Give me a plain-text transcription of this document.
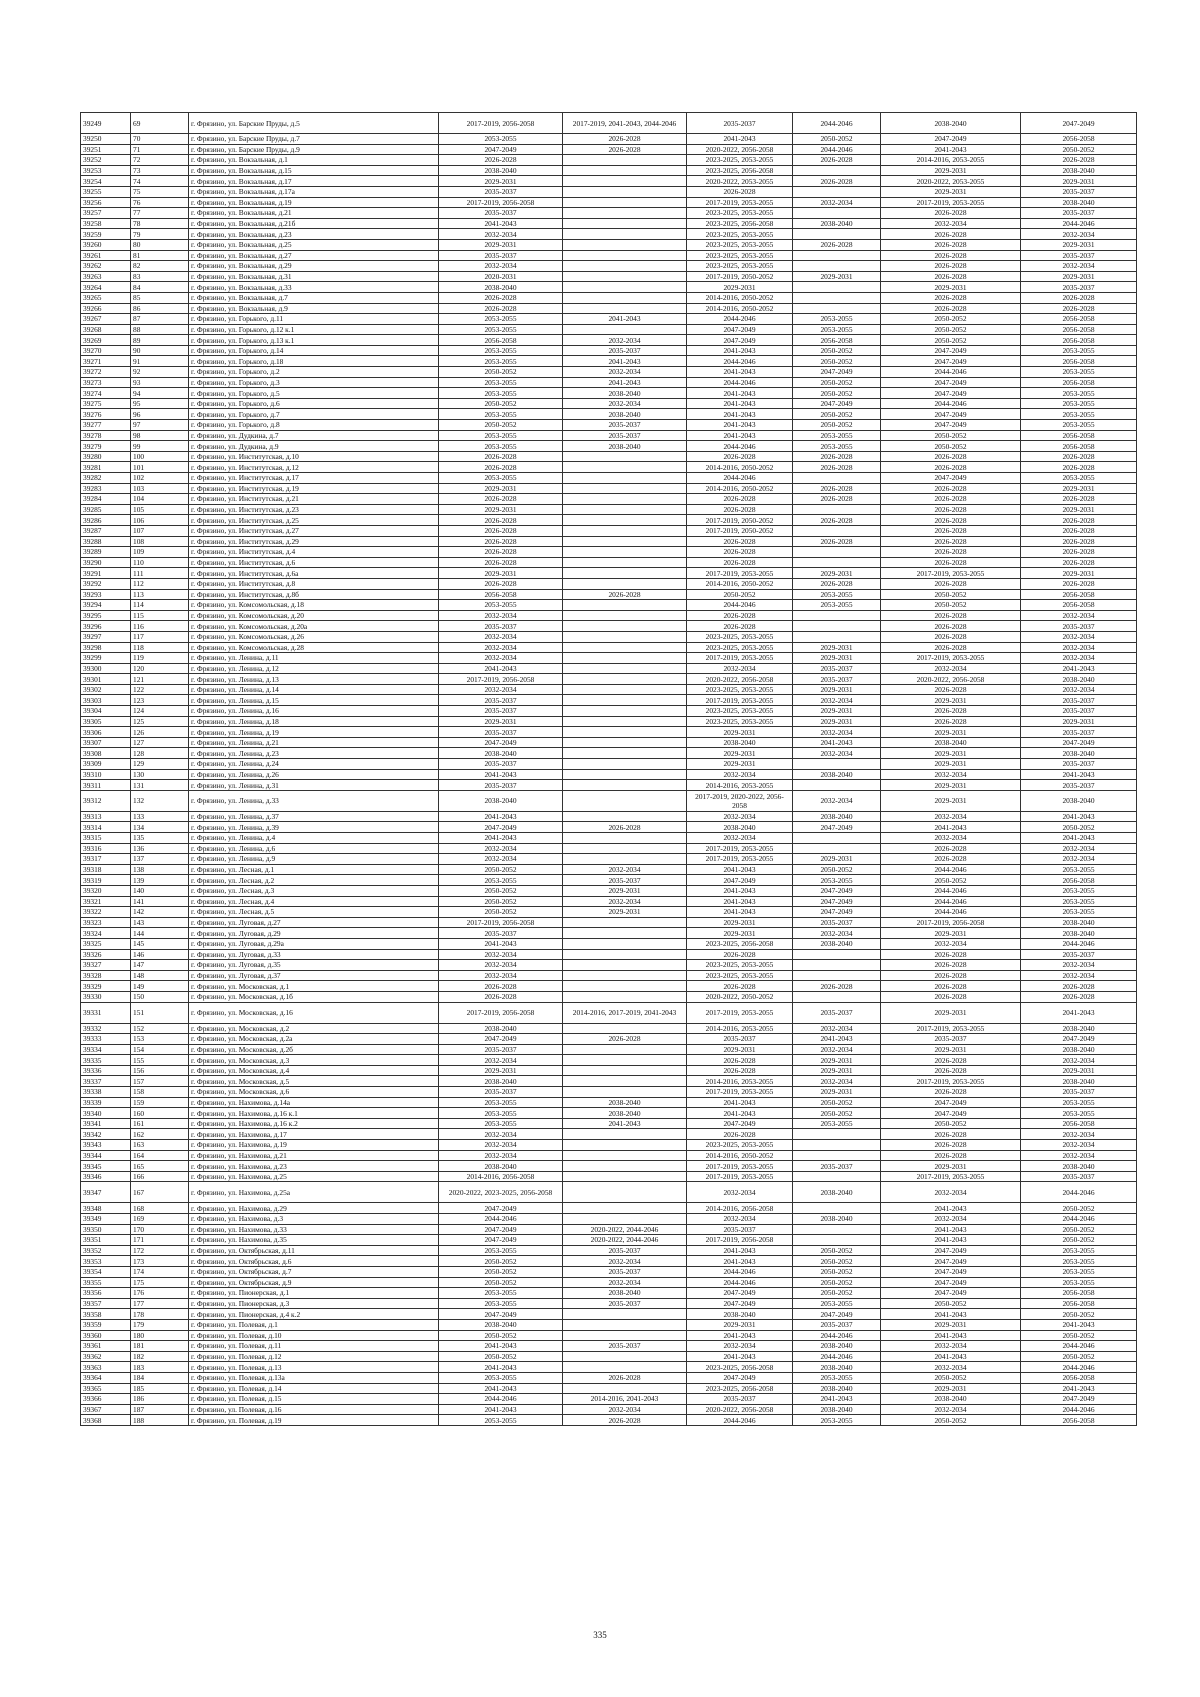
39249	69	г. Фрязино, ул. Барские Пруды, д.5	2017-2019, 2056-2058	2017-2019, 2041-2043, 2044-2046	2035-2037	2044-2046	2038-2040	2047-2049
39250	70	г. Фрязино, ул. Барские Пруды, д.7	2053-2055	2026-2028	2041-2043	2050-2052	2047-2049	2056-2058
39251	71	г. Фрязино, ул. Барские Пруды, д.9	2047-2049	2026-2028	2020-2022, 2056-2058	2044-2046	2041-2043	2050-2052
39252	72	г. Фрязино, ул. Вокзальная, д.1	2026-2028		2023-2025, 2053-2055	2026-2028	2014-2016, 2053-2055	2026-2028
39253	73	г. Фрязино, ул. Вокзальная, д.15	2038-2040		2023-2025, 2056-2058		2029-2031	2038-2040
39254	74	г. Фрязино, ул. Вокзальная, д.17	2029-2031		2020-2022, 2053-2055	2026-2028	2020-2022, 2053-2055	2029-2031
39255	75	г. Фрязино, ул. Вокзальная, д.17а	2035-2037		2026-2028		2029-2031	2035-2037
39256	76	г. Фрязино, ул. Вокзальная, д.19	2017-2019, 2056-2058		2017-2019, 2053-2055	2032-2034	2017-2019, 2053-2055	2038-2040
39257	77	г. Фрязино, ул. Вокзальная, д.21	2035-2037		2023-2025, 2053-2055		2026-2028	2035-2037
39258	78	г. Фрязино, ул. Вокзальная, д.21б	2041-2043		2023-2025, 2056-2058	2038-2040	2032-2034	2044-2046
39259	79	г. Фрязино, ул. Вокзальная, д.23	2032-2034		2023-2025, 2053-2055		2026-2028	2032-2034
39260	80	г. Фрязино, ул. Вокзальная, д.25	2029-2031		2023-2025, 2053-2055	2026-2028	2026-2028	2029-2031
39261	81	г. Фрязино, ул. Вокзальная, д.27	2035-2037		2023-2025, 2053-2055		2026-2028	2035-2037
39262	82	г. Фрязино, ул. Вокзальная, д.29	2032-2034		2023-2025, 2053-2055		2026-2028	2032-2034
39263	83	г. Фрязино, ул. Вокзальная, д.31	2020-2031		2017-2019, 2050-2052	2029-2031	2026-2028	2029-2031
39264	84	г. Фрязино, ул. Вокзальная, д.33	2038-2040		2029-2031		2029-2031	2035-2037
39265	85	г. Фрязино, ул. Вокзальная, д.7	2026-2028		2014-2016, 2050-2052		2026-2028	2026-2028
39266	86	г. Фрязино, ул. Вокзальная, д.9	2026-2028		2014-2016, 2050-2052		2026-2028	2026-2028
39267	87	г. Фрязино, ул. Горького, д.11	2053-2055	2041-2043	2044-2046	2053-2055	2050-2052	2056-2058
39268	88	г. Фрязино, ул. Горького, д.12 к.1	2053-2055		2047-2049	2053-2055	2050-2052	2056-2058
39269	89	г. Фрязино, ул. Горького, д.13 к.1	2056-2058	2032-2034	2047-2049	2056-2058	2050-2052	2056-2058
39270	90	г. Фрязино, ул. Горького, д.14	2053-2055	2035-2037	2041-2043	2050-2052	2047-2049	2053-2055
39271	91	г. Фрязино, ул. Горького, д.18	2053-2055	2041-2043	2044-2046	2050-2052	2047-2049	2056-2058
39272	92	г. Фрязино, ул. Горького, д.2	2050-2052	2032-2034	2041-2043	2047-2049	2044-2046	2053-2055
39273	93	г. Фрязино, ул. Горького, д.3	2053-2055	2041-2043	2044-2046	2050-2052	2047-2049	2056-2058
39274	94	г. Фрязино, ул. Горького, д.5	2053-2055	2038-2040	2041-2043	2050-2052	2047-2049	2053-2055
39275	95	г. Фрязино, ул. Горького, д.6	2050-2052	2032-2034	2041-2043	2047-2049	2044-2046	2053-2055
39276	96	г. Фрязино, ул. Горького, д.7	2053-2055	2038-2040	2041-2043	2050-2052	2047-2049	2053-2055
39277	97	г. Фрязино, ул. Горького, д.8	2050-2052	2035-2037	2041-2043	2050-2052	2047-2049	2053-2055
39278	98	г. Фрязино, ул. Дудкина, д.7	2053-2055	2035-2037	2041-2043	2053-2055	2050-2052	2056-2058
39279	99	г. Фрязино, ул. Дудкина, д.9	2053-2055	2038-2040	2044-2046	2053-2055	2050-2052	2056-2058
39280	100	г. Фрязино, ул. Институтская, д.10	2026-2028		2026-2028	2026-2028	2026-2028	2026-2028
39281	101	г. Фрязино, ул. Институтская, д.12	2026-2028		2014-2016, 2050-2052	2026-2028	2026-2028	2026-2028
39282	102	г. Фрязино, ул. Институтская, д.17	2053-2055		2044-2046		2047-2049	2053-2055
39283	103	г. Фрязино, ул. Институтская, д.19	2029-2031		2014-2016, 2050-2052	2026-2028	2026-2028	2029-2031
39284	104	г. Фрязино, ул. Институтская, д.21	2026-2028		2026-2028	2026-2028	2026-2028	2026-2028
39285	105	г. Фрязино, ул. Институтская, д.23	2029-2031		2026-2028		2026-2028	2029-2031
39286	106	г. Фрязино, ул. Институтская, д.25	2026-2028		2017-2019, 2050-2052	2026-2028	2026-2028	2026-2028
39287	107	г. Фрязино, ул. Институтская, д.27	2026-2028		2017-2019, 2050-2052		2026-2028	2026-2028
39288	108	г. Фрязино, ул. Институтская, д.29	2026-2028		2026-2028	2026-2028	2026-2028	2026-2028
39289	109	г. Фрязино, ул. Институтская, д.4	2026-2028		2026-2028		2026-2028	2026-2028
39290	110	г. Фрязино, ул. Институтская, д.6	2026-2028		2026-2028		2026-2028	2026-2028
39291	111	г. Фрязино, ул. Институтская, д.6а	2029-2031		2017-2019, 2053-2055	2029-2031	2017-2019, 2053-2055	2029-2031
39292	112	г. Фрязино, ул. Институтская, д.8	2026-2028		2014-2016, 2050-2052	2026-2028	2026-2028	2026-2028
39293	113	г. Фрязино, ул. Институтская, д.8б	2056-2058	2026-2028	2050-2052	2053-2055	2050-2052	2056-2058
39294	114	г. Фрязино, ул. Комсомольская, д.18	2053-2055		2044-2046	2053-2055	2050-2052	2056-2058
39295	115	г. Фрязино, ул. Комсомольская, д.20	2032-2034		2026-2028		2026-2028	2032-2034
39296	116	г. Фрязино, ул. Комсомольская, д.20а	2035-2037		2026-2028		2026-2028	2035-2037
39297	117	г. Фрязино, ул. Комсомольская, д.26	2032-2034		2023-2025, 2053-2055		2026-2028	2032-2034
39298	118	г. Фрязино, ул. Комсомольская, д.28	2032-2034		2023-2025, 2053-2055	2029-2031	2026-2028	2032-2034
39299	119	г. Фрязино, ул. Ленина, д.11	2032-2034		2017-2019, 2053-2055	2029-2031	2017-2019, 2053-2055	2032-2034
39300	120	г. Фрязино, ул. Ленина, д.12	2041-2043		2032-2034	2035-2037	2032-2034	2041-2043
39301	121	г. Фрязино, ул. Ленина, д.13	2017-2019, 2056-2058		2020-2022, 2056-2058	2035-2037	2020-2022, 2056-2058	2038-2040
39302	122	г. Фрязино, ул. Ленина, д.14	2032-2034		2023-2025, 2053-2055	2029-2031	2026-2028	2032-2034
39303	123	г. Фрязино, ул. Ленина, д.15	2035-2037		2017-2019, 2053-2055	2032-2034	2029-2031	2035-2037
39304	124	г. Фрязино, ул. Ленина, д.16	2035-2037		2023-2025, 2053-2055	2029-2031	2026-2028	2035-2037
39305	125	г. Фрязино, ул. Ленина, д.18	2029-2031		2023-2025, 2053-2055	2029-2031	2026-2028	2029-2031
39306	126	г. Фрязино, ул. Ленина, д.19	2035-2037		2029-2031	2032-2034	2029-2031	2035-2037
39307	127	г. Фрязино, ул. Ленина, д.21	2047-2049		2038-2040	2041-2043	2038-2040	2047-2049
39308	128	г. Фрязино, ул. Ленина, д.23	2038-2040		2029-2031	2032-2034	2029-2031	2038-2040
39309	129	г. Фрязино, ул. Ленина, д.24	2035-2037		2029-2031		2029-2031	2035-2037
39310	130	г. Фрязино, ул. Ленина, д.26	2041-2043		2032-2034	2038-2040	2032-2034	2041-2043
39311	131	г. Фрязино, ул. Ленина, д.31	2035-2037		2014-2016, 2053-2055		2029-2031	2035-2037
39312	132	г. Фрязино, ул. Ленина, д.33	2038-2040		2017-2019, 2020-2022, 2056-2058	2032-2034	2029-2031	2038-2040
39313	133	г. Фрязино, ул. Ленина, д.37	2041-2043		2032-2034	2038-2040	2032-2034	2041-2043
39314	134	г. Фрязино, ул. Ленина, д.39	2047-2049	2026-2028	2038-2040	2047-2049	2041-2043	2050-2052
39315	135	г. Фрязино, ул. Ленина, д.4	2041-2043		2032-2034		2032-2034	2041-2043
39316	136	г. Фрязино, ул. Ленина, д.6	2032-2034		2017-2019, 2053-2055		2026-2028	2032-2034
39317	137	г. Фрязино, ул. Ленина, д.9	2032-2034		2017-2019, 2053-2055	2029-2031	2026-2028	2032-2034
39318	138	г. Фрязино, ул. Лесная, д.1	2050-2052	2032-2034	2041-2043	2050-2052	2044-2046	2053-2055
39319	139	г. Фрязино, ул. Лесная, д.2	2053-2055	2035-2037	2047-2049	2053-2055	2050-2052	2056-2058
39320	140	г. Фрязино, ул. Лесная, д.3	2050-2052	2029-2031	2041-2043	2047-2049	2044-2046	2053-2055
39321	141	г. Фрязино, ул. Лесная, д.4	2050-2052	2032-2034	2041-2043	2047-2049	2044-2046	2053-2055
39322	142	г. Фрязино, ул. Лесная, д.5	2050-2052	2029-2031	2041-2043	2047-2049	2044-2046	2053-2055
39323	143	г. Фрязино, ул. Луговая, д.27	2017-2019, 2056-2058		2029-2031	2035-2037	2017-2019, 2056-2058	2038-2040
39324	144	г. Фрязино, ул. Луговая, д.29	2035-2037		2029-2031	2032-2034	2029-2031	2038-2040
39325	145	г. Фрязино, ул. Луговая, д.29а	2041-2043		2023-2025, 2056-2058	2038-2040	2032-2034	2044-2046
39326	146	г. Фрязино, ул. Луговая, д.33	2032-2034		2026-2028		2026-2028	2035-2037
39327	147	г. Фрязино, ул. Луговая, д.35	2032-2034		2023-2025, 2053-2055		2026-2028	2032-2034
39328	148	г. Фрязино, ул. Луговая, д.37	2032-2034		2023-2025, 2053-2055		2026-2028	2032-2034
39329	149	г. Фрязино, ул. Московская, д.1	2026-2028		2026-2028	2026-2028	2026-2028	2026-2028
39330	150	г. Фрязино, ул. Московская, д.1б	2026-2028		2020-2022, 2050-2052		2026-2028	2026-2028
39331	151	г. Фрязино, ул. Московская, д.16	2017-2019, 2056-2058	2014-2016, 2017-2019, 2041-2043	2017-2019, 2053-2055	2035-2037	2029-2031	2041-2043
39332	152	г. Фрязино, ул. Московская, д.2	2038-2040		2014-2016, 2053-2055	2032-2034	2017-2019, 2053-2055	2038-2040
39333	153	г. Фрязино, ул. Московская, д.2а	2047-2049	2026-2028	2035-2037	2041-2043	2035-2037	2047-2049
39334	154	г. Фрязино, ул. Московская, д.2б	2035-2037		2029-2031	2032-2034	2029-2031	2038-2040
39335	155	г. Фрязино, ул. Московская, д.3	2032-2034		2026-2028	2029-2031	2026-2028	2032-2034
39336	156	г. Фрязино, ул. Московская, д.4	2029-2031		2026-2028	2029-2031	2026-2028	2029-2031
39337	157	г. Фрязино, ул. Московская, д.5	2038-2040		2014-2016, 2053-2055	2032-2034	2017-2019, 2053-2055	2038-2040
39338	158	г. Фрязино, ул. Московская, д.6	2035-2037		2017-2019, 2053-2055	2029-2031	2026-2028	2035-2037
39339	159	г. Фрязино, ул. Нахимова, д.14а	2053-2055	2038-2040	2041-2043	2050-2052	2047-2049	2053-2055
39340	160	г. Фрязино, ул. Нахимова, д.16 к.1	2053-2055	2038-2040	2041-2043	2050-2052	2047-2049	2053-2055
39341	161	г. Фрязино, ул. Нахимова, д.16 к.2	2053-2055	2041-2043	2047-2049	2053-2055	2050-2052	2056-2058
39342	162	г. Фрязино, ул. Нахимова, д.17	2032-2034		2026-2028		2026-2028	2032-2034
39343	163	г. Фрязино, ул. Нахимова, д.19	2032-2034		2023-2025, 2053-2055		2026-2028	2032-2034
39344	164	г. Фрязино, ул. Нахимова, д.21	2032-2034		2014-2016, 2050-2052		2026-2028	2032-2034
39345	165	г. Фрязино, ул. Нахимова, д.23	2038-2040		2017-2019, 2053-2055	2035-2037	2029-2031	2038-2040
39346	166	г. Фрязино, ул. Нахимова, д.25	2014-2016, 2056-2058		2017-2019, 2053-2055		2017-2019, 2053-2055	2035-2037
39347	167	г. Фрязино, ул. Нахимова, д.25а	2020-2022, 2023-2025, 2056-2058		2032-2034	2038-2040	2032-2034	2044-2046
39348	168	г. Фрязино, ул. Нахимова, д.29	2047-2049		2014-2016, 2056-2058		2041-2043	2050-2052
39349	169	г. Фрязино, ул. Нахимова, д.3	2044-2046		2032-2034	2038-2040	2032-2034	2044-2046
39350	170	г. Фрязино, ул. Нахимова, д.33	2047-2049	2020-2022, 2044-2046	2035-2037		2041-2043	2050-2052
39351	171	г. Фрязино, ул. Нахимова, д.35	2047-2049	2020-2022, 2044-2046	2017-2019, 2056-2058		2041-2043	2050-2052
39352	172	г. Фрязино, ул. Октябрьская, д.11	2053-2055	2035-2037	2041-2043	2050-2052	2047-2049	2053-2055
39353	173	г. Фрязино, ул. Октябрьская, д.6	2050-2052	2032-2034	2041-2043	2050-2052	2047-2049	2053-2055
39354	174	г. Фрязино, ул. Октябрьская, д.7	2050-2052	2035-2037	2044-2046	2050-2052	2047-2049	2053-2055
39355	175	г. Фрязино, ул. Октябрьская, д.9	2050-2052	2032-2034	2044-2046	2050-2052	2047-2049	2053-2055
39356	176	г. Фрязино, ул. Пионерская, д.1	2053-2055	2038-2040	2047-2049	2050-2052	2047-2049	2056-2058
39357	177	г. Фрязино, ул. Пионерская, д.3	2053-2055	2035-2037	2047-2049	2053-2055	2050-2052	2056-2058
39358	178	г. Фрязино, ул. Пионерская, д.4 к.2	2047-2049		2038-2040	2047-2049	2041-2043	2050-2052
39359	179	г. Фрязино, ул. Полевая, д.1	2038-2040		2029-2031	2035-2037	2029-2031	2041-2043
39360	180	г. Фрязино, ул. Полевая, д.10	2050-2052		2041-2043	2044-2046	2041-2043	2050-2052
39361	181	г. Фрязино, ул. Полевая, д.11	2041-2043	2035-2037	2032-2034	2038-2040	2032-2034	2044-2046
39362	182	г. Фрязино, ул. Полевая, д.12	2050-2052		2041-2043	2044-2046	2041-2043	2050-2052
39363	183	г. Фрязино, ул. Полевая, д.13	2041-2043		2023-2025, 2056-2058	2038-2040	2032-2034	2044-2046
39364	184	г. Фрязино, ул. Полевая, д.13а	2053-2055	2026-2028	2047-2049	2053-2055	2050-2052	2056-2058
39365	185	г. Фрязино, ул. Полевая, д.14	2041-2043		2023-2025, 2056-2058	2038-2040	2029-2031	2041-2043
39366	186	г. Фрязино, ул. Полевая, д.15	2044-2046	2014-2016, 2041-2043	2035-2037	2041-2043	2038-2040	2047-2049
39367	187	г. Фрязино, ул. Полевая, д.16	2041-2043	2032-2034	2020-2022, 2056-2058	2038-2040	2032-2034	2044-2046
39368	188	г. Фрязино, ул. Полевая, д.19	2053-2055	2026-2028	2044-2046	2053-2055	2050-2052	2056-2058
335
